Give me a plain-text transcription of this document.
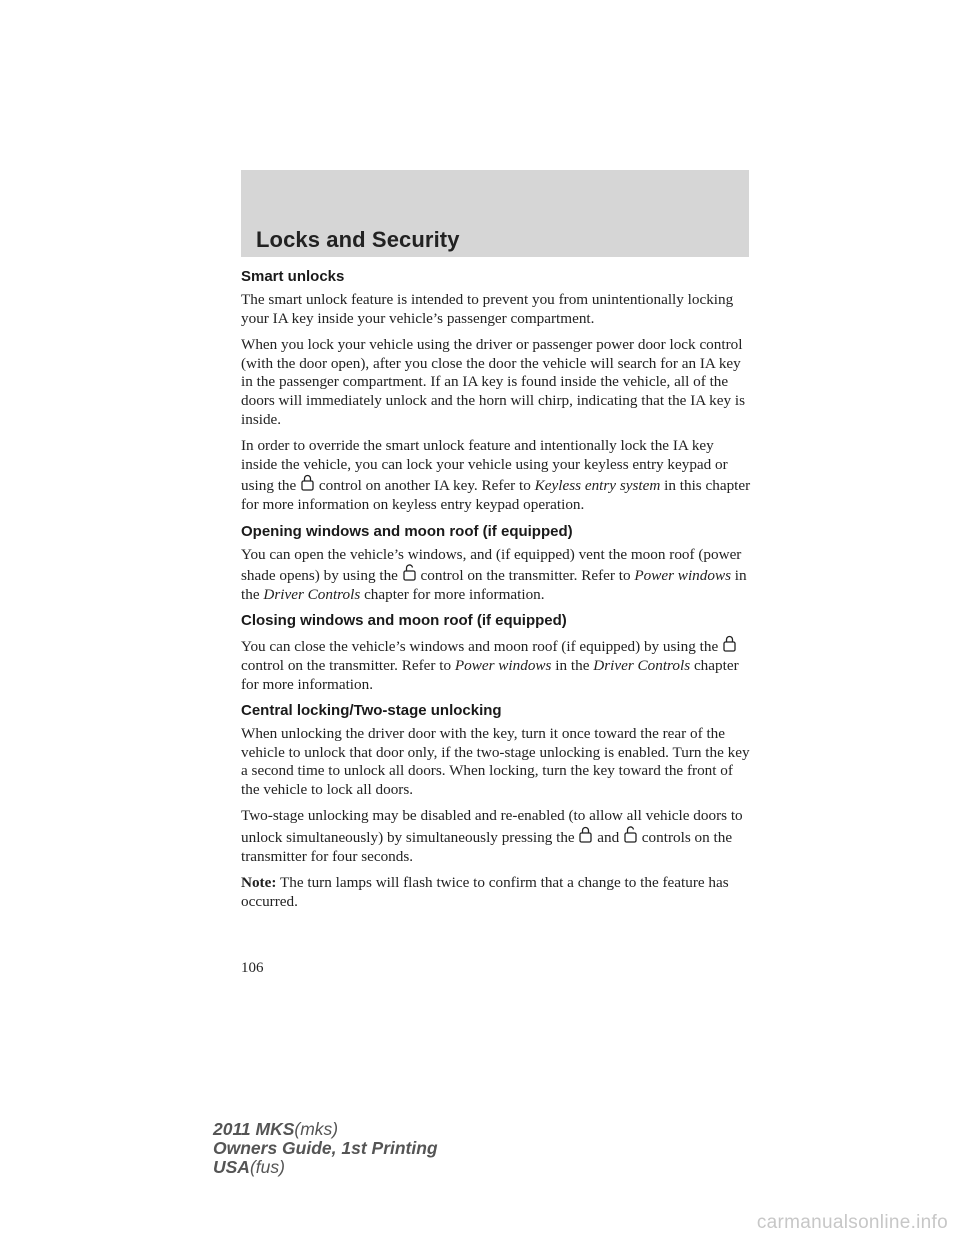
Locks and Security
Smart unlocks

The smart unlock feature is intended to prevent you from unintentionally locking your IA key inside your vehicle’s passenger compartment.

When you lock your vehicle using the driver or passenger power door lock control (with the door open), after you close the door the vehicle will search for an IA key in the passenger compartment. If an IA key is found inside the vehicle, all of the doors will immediately unlock and the horn will chirp, indicating that the IA key is inside.

In order to override the smart unlock feature and intentionally lock the IA key inside the vehicle, you can lock your vehicle using your keyless entry keypad or using the control on another IA key. Refer to Keyless entry system in this chapter for more information on keyless entry keypad operation.

Opening windows and moon roof (if equipped)

You can open the vehicle’s windows, and (if equipped) vent the moon roof (power shade opens) by using the control on the transmitter. Refer to Power windows in the Driver Controls chapter for more information.

Closing windows and moon roof (if equipped)

You can close the vehicle’s windows and moon roof (if equipped) by using the  control on the transmitter. Refer to Power windows in the Driver Controls chapter for more information.

Central locking/Two-stage unlocking

When unlocking the driver door with the key, turn it once toward the rear of the vehicle to unlock that door only, if the two-stage unlocking is enabled. Turn the key a second time to unlock all doors. When locking, turn the key toward the front of the vehicle to lock all doors.

Two-stage unlocking may be disabled and re-enabled (to allow all vehicle doors to unlock simultaneously) by simultaneously pressing the and controls on the transmitter for four seconds.

Note: The turn lamps will flash twice to confirm that a change to the feature has occurred.

106
2011 MKS(mks)
Owners Guide, 1st Printing
USA(fus)
carmanualsonline.info
